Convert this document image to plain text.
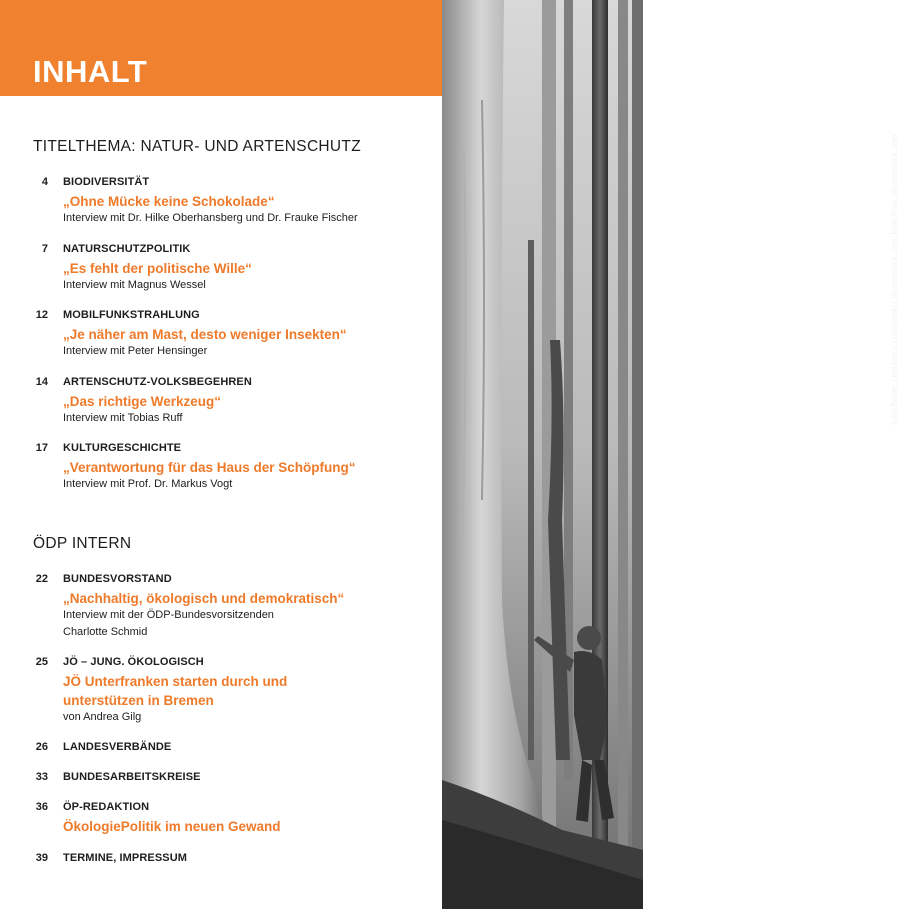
INHALT
Foto Baum: Urgulescu Lukovinski / shutterstock.com; Foto Frau: shutterstock.com
TITELTHEMA: NATUR- UND ARTENSCHUTZ
4 BIODIVERSITÄT
„Ohne Mücke keine Schokolade“
Interview mit Dr. Hilke Oberhansberg und Dr. Frauke Fischer
7 NATURSCHUTZPOLITIK
„Es fehlt der politische Wille“
Interview mit Magnus Wessel
12 MOBILFUNKSTRAHLUNG
„Je näher am Mast, desto weniger Insekten“
Interview mit Peter Hensinger
14 ARTENSCHUTZ-VOLKSBEGEHREN
„Das richtige Werkzeug“
Interview mit Tobias Ruff
17 KULTURGESCHICHTE
„Verantwortung für das Haus der Schöpfung“
Interview mit Prof. Dr. Markus Vogt
ÖDP INTERN
22 BUNDESVORSTAND
„Nachhaltig, ökologisch und demokratisch“
Interview mit der ÖDP-Bundesvorsitzenden
Charlotte Schmid
25 JÖ – JUNG. ÖKOLOGISCH
JÖ Unterfranken starten durch und
unterstützen in Bremen
von Andrea Gilg
26 LANDESVERBÄNDE
33 BUNDESARBEITSKREISE
36 ÖP-REDAKTION
ÖkologiePolitik im neuen Gewand
39 TERMINE, IMPRESSUM
